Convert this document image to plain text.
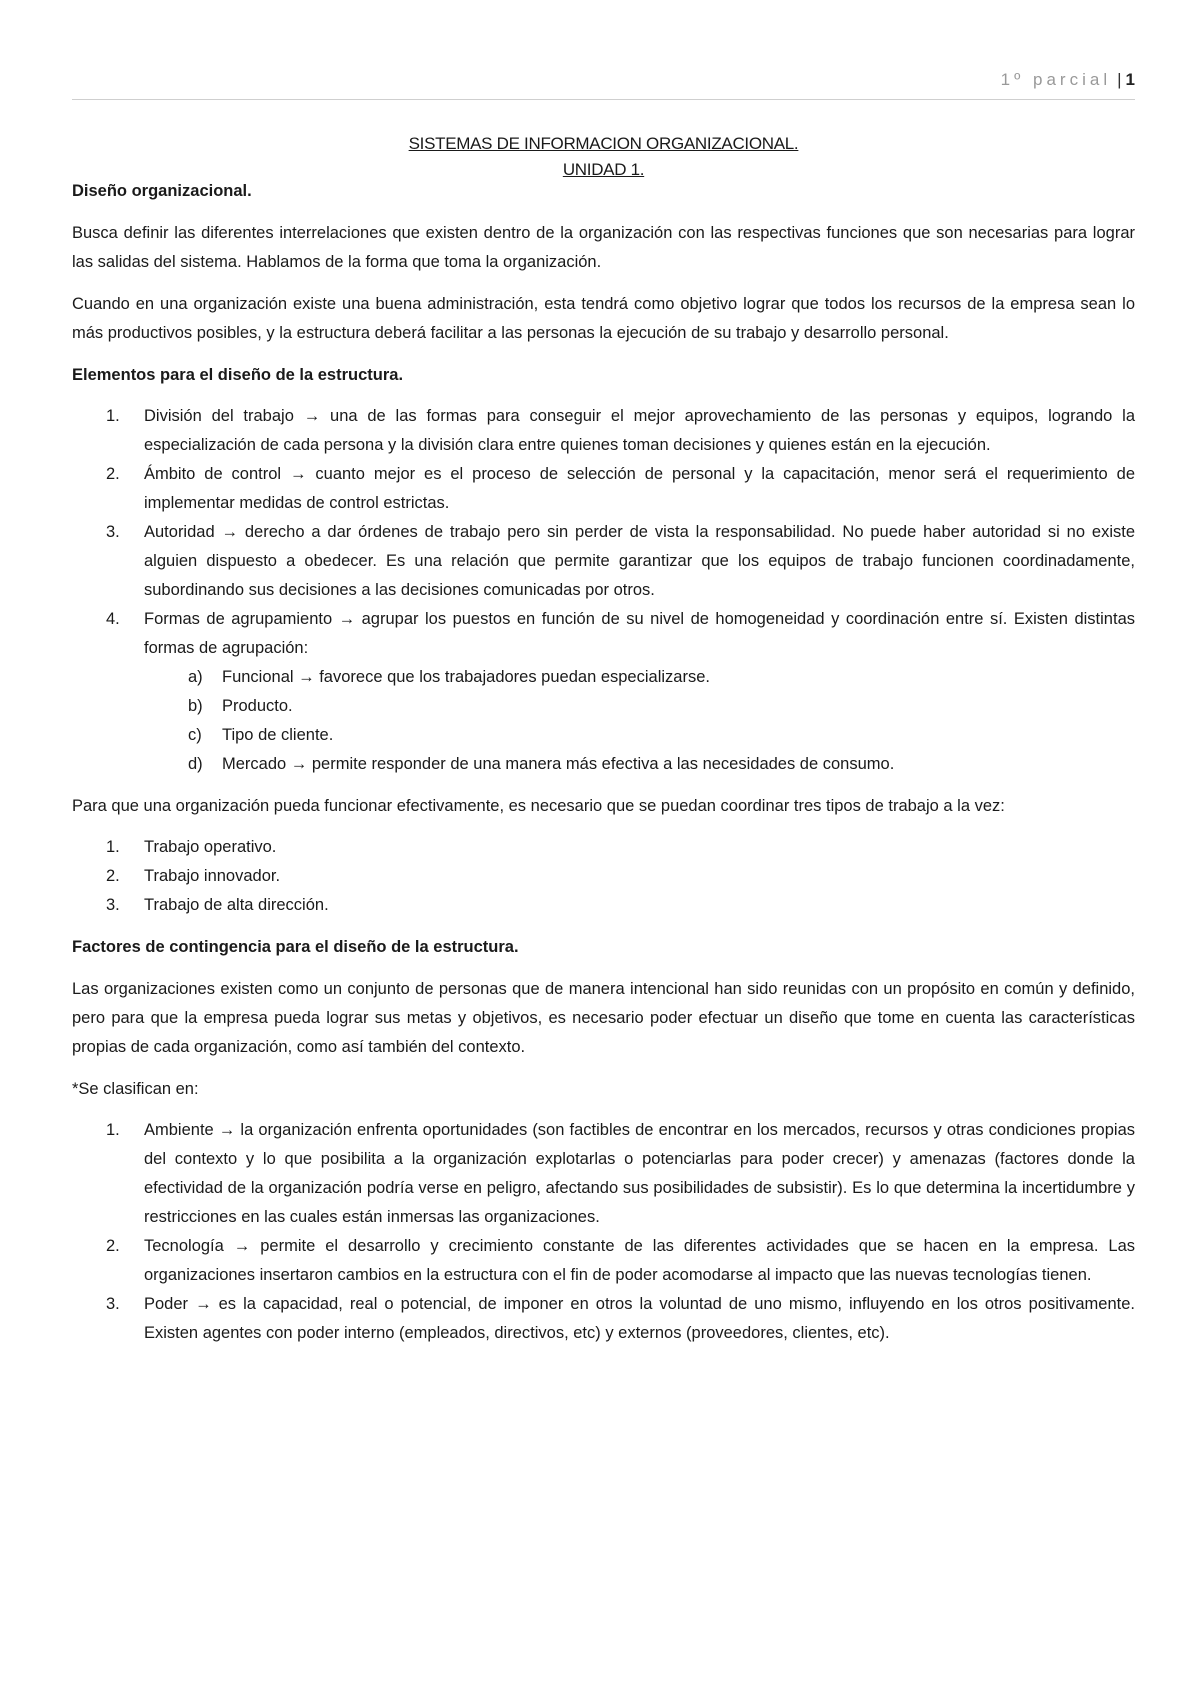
1º parcial | 1
SISTEMAS DE INFORMACION ORGANIZACIONAL.
UNIDAD 1.
Diseño organizacional.

Busca definir las diferentes interrelaciones que existen dentro de la organización con las respectivas funciones que son necesarias para lograr las salidas del sistema. Hablamos de la forma que toma la organización.

Cuando en una organización existe una buena administración, esta tendrá como objetivo lograr que todos los recursos de la empresa sean lo más productivos posibles, y la estructura deberá facilitar a las personas la ejecución de su trabajo y desarrollo personal.

Elementos para el diseño de la estructura.
1. División del trabajo → una de las formas para conseguir el mejor aprovechamiento de las personas y equipos, logrando la especialización de cada persona y la división clara entre quienes toman decisiones y quienes están en la ejecución.
2. Ámbito de control → cuanto mejor es el proceso de selección de personal y la capacitación, menor será el requerimiento de implementar medidas de control estrictas.
3. Autoridad → derecho a dar órdenes de trabajo pero sin perder de vista la responsabilidad. No puede haber autoridad si no existe alguien dispuesto a obedecer. Es una relación que permite garantizar que los equipos de trabajo funcionen coordinadamente, subordinando sus decisiones a las decisiones comunicadas por otros.
4. Formas de agrupamiento → agrupar los puestos en función de su nivel de homogeneidad y coordinación entre sí. Existen distintas formas de agrupación:
a) Funcional → favorece que los trabajadores puedan especializarse.
b) Producto.
c) Tipo de cliente.
d) Mercado → permite responder de una manera más efectiva a las necesidades de consumo.

Para que una organización pueda funcionar efectivamente, es necesario que se puedan coordinar tres tipos de trabajo a la vez:

1. Trabajo operativo.
2. Trabajo innovador.
3. Trabajo de alta dirección.
Factores de contingencia para el diseño de la estructura.

Las organizaciones existen como un conjunto de personas que de manera intencional han sido reunidas con un propósito en común y definido, pero para que la empresa pueda lograr sus metas y objetivos, es necesario poder efectuar un diseño que tome en cuenta las características propias de cada organización, como así también del contexto.

*Se clasifican en:

1. Ambiente → la organización enfrenta oportunidades (son factibles de encontrar en los mercados, recursos y otras condiciones propias del contexto y lo que posibilita a la organización explotarlas o potenciarlas para poder crecer) y amenazas (factores donde la efectividad de la organización podría verse en peligro, afectando sus posibilidades de subsistir). Es lo que determina la incertidumbre y restricciones en las cuales están inmersas las organizaciones.
2. Tecnología → permite el desarrollo y crecimiento constante de las diferentes actividades que se hacen en la empresa. Las organizaciones insertaron cambios en la estructura con el fin de poder acomodarse al impacto que las nuevas tecnologías tienen.
3. Poder → es la capacidad, real o potencial, de imponer en otros la voluntad de uno mismo, influyendo en los otros positivamente. Existen agentes con poder interno (empleados, directivos, etc) y externos (proveedores, clientes, etc).
